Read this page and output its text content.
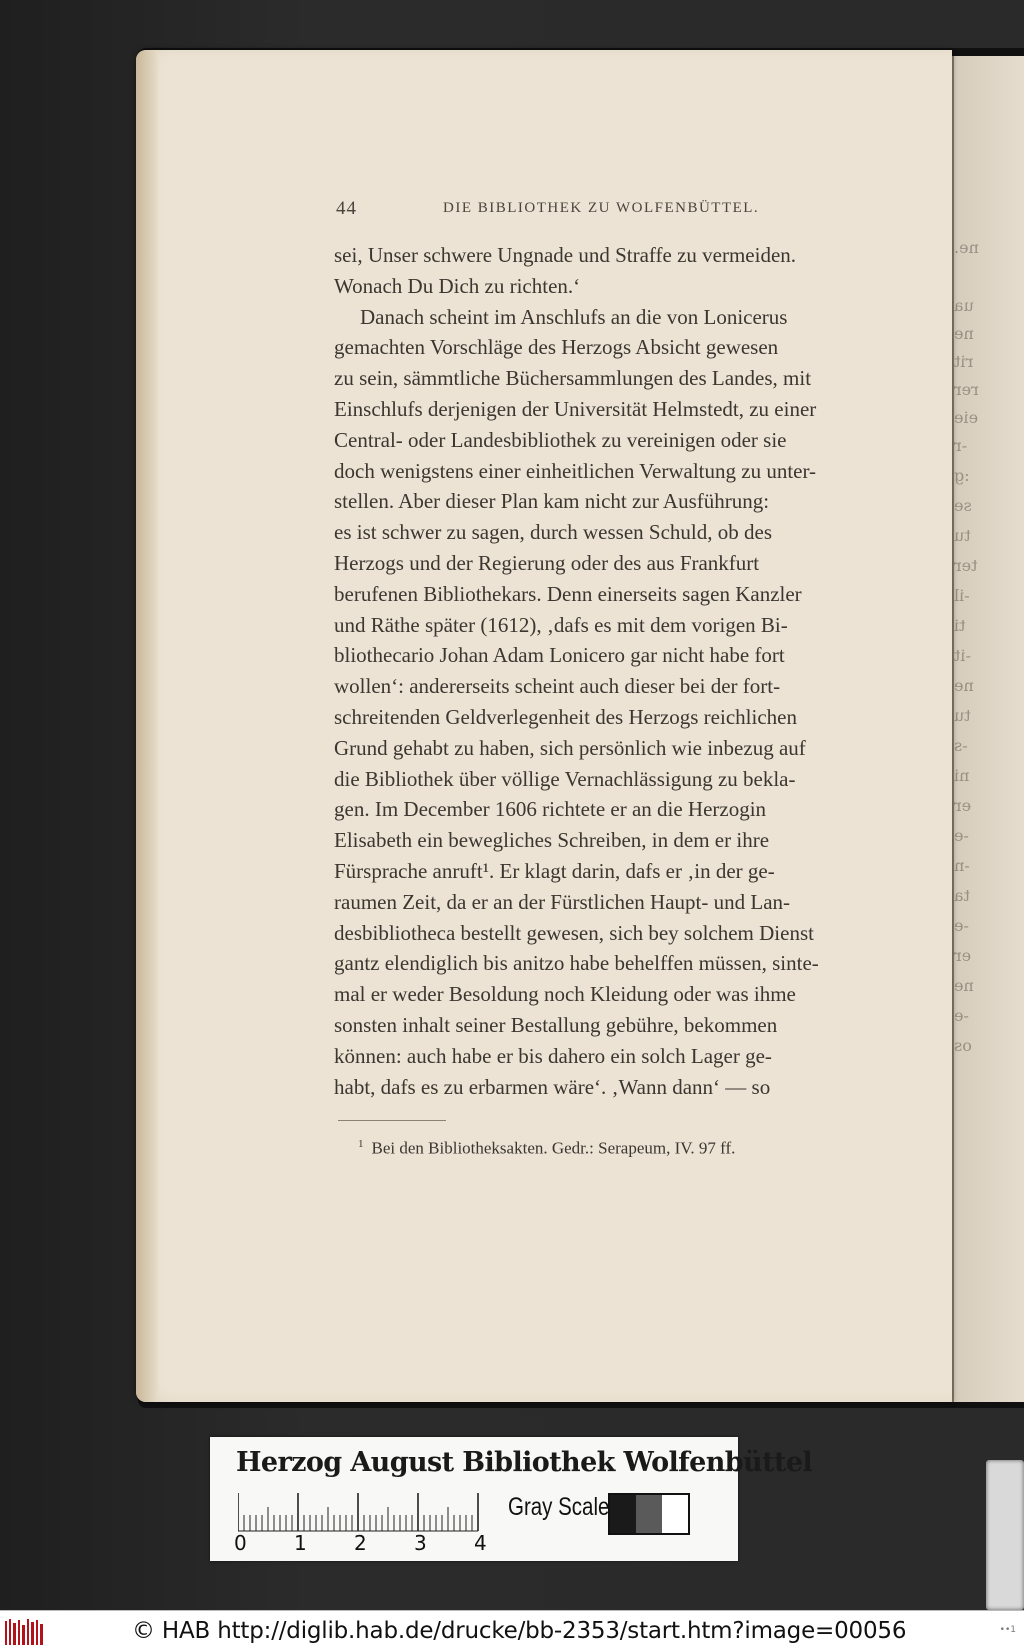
ne.
ua
ne
rit
rer
eie
-r
:g
se
tu
ter
-il
ti
-it
ne
tu
-s
ni
er
-e
-n
ta
-e
er
ne
-e
os
44	DIE BIBLIOTHEK ZU WOLFENBÜTTEL.
sei, Unser schwere Ungnade und Straffe zu vermeiden.
Wonach Du Dich zu richten.‘
Danach scheint im Anschlufs an die von Lonicerus
gemachten Vorschläge des Herzogs Absicht gewesen
zu sein, sämmtliche Büchersammlungen des Landes, mit
Einschlufs derjenigen der Universität Helmstedt, zu einer
Central- oder Landesbibliothek zu vereinigen oder sie
doch wenigstens einer einheitlichen Verwaltung zu unter-
stellen. Aber dieser Plan kam nicht zur Ausführung:
es ist schwer zu sagen, durch wessen Schuld, ob des
Herzogs und der Regierung oder des aus Frankfurt
berufenen Bibliothekars. Denn einerseits sagen Kanzler
und Räthe später (1612), ‚dafs es mit dem vorigen Bi-
bliothecario Johan Adam Lonicero gar nicht habe fort
wollen‘: andererseits scheint auch dieser bei der fort-
schreitenden Geldverlegenheit des Herzogs reichlichen
Grund gehabt zu haben, sich persönlich wie inbezug auf
die Bibliothek über völlige Vernachlässigung zu bekla-
gen. Im December 1606 richtete er an die Herzogin
Elisabeth ein bewegliches Schreiben, in dem er ihre
Fürsprache anruft¹. Er klagt darin, dafs er ‚in der ge-
raumen Zeit, da er an der Fürstlichen Haupt- und Lan-
desbibliotheca bestellt gewesen, sich bey solchem Dienst
gantz elendiglich bis anitzo habe behelffen müssen, sinte-
mal er weder Besoldung noch Kleidung oder was ihme
sonsten inhalt seiner Bestallung gebühre, bekommen
können: auch habe er bis dahero ein solch Lager ge-
habt, dafs es zu erbarmen wäre‘. ‚Wann dann‘ — so
$^1$ Bei den Bibliotheksakten. Gedr.: Serapeum, IV. 97 ff.
Herzog August Bibliothek Wolfenbüttel
0 1 2 3 4
Gray Scale
© HAB http://diglib.hab.de/drucke/bb-2353/start.htm?image=00056	••1
